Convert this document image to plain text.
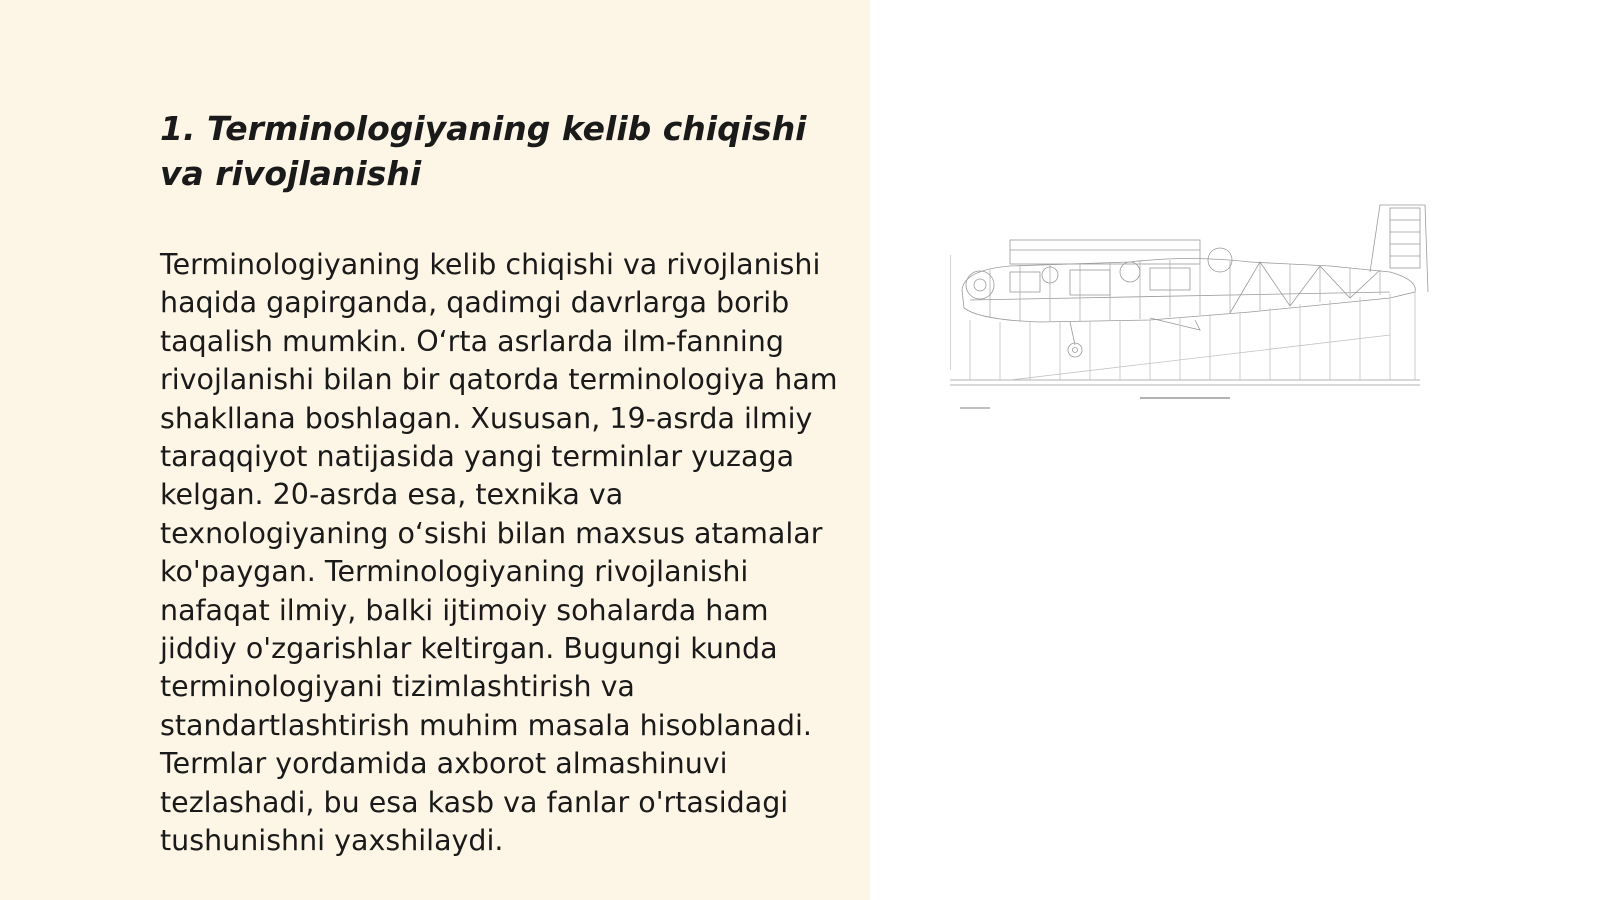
1. Terminologiyaning kelib chiqishi va rivojlanishi

Terminologiyaning kelib chiqishi va rivojlanishi haqida gapirganda, qadimgi davrlarga borib taqalish mumkin. O‘rta asrlarda ilm-fanning rivojlanishi bilan bir qatorda terminologiya ham shakllana boshlagan. Xususan, 19-asrda ilmiy taraqqiyot natijasida yangi terminlar yuzaga kelgan. 20-asrda esa, texnika va texnologiyaning o‘sishi bilan maxsus atamalar ko'paygan. Terminologiyaning rivojlanishi nafaqat ilmiy, balki ijtimoiy sohalarda ham jiddiy o'zgarishlar keltirgan. Bugungi kunda terminologiyani tizimlashtirish va standartlashtirish muhim masala hisoblanadi. Termlar yordamida axborot almashinuvi tezlashadi, bu esa kasb va fanlar o'rtasidagi tushunishni yaxshilaydi.
